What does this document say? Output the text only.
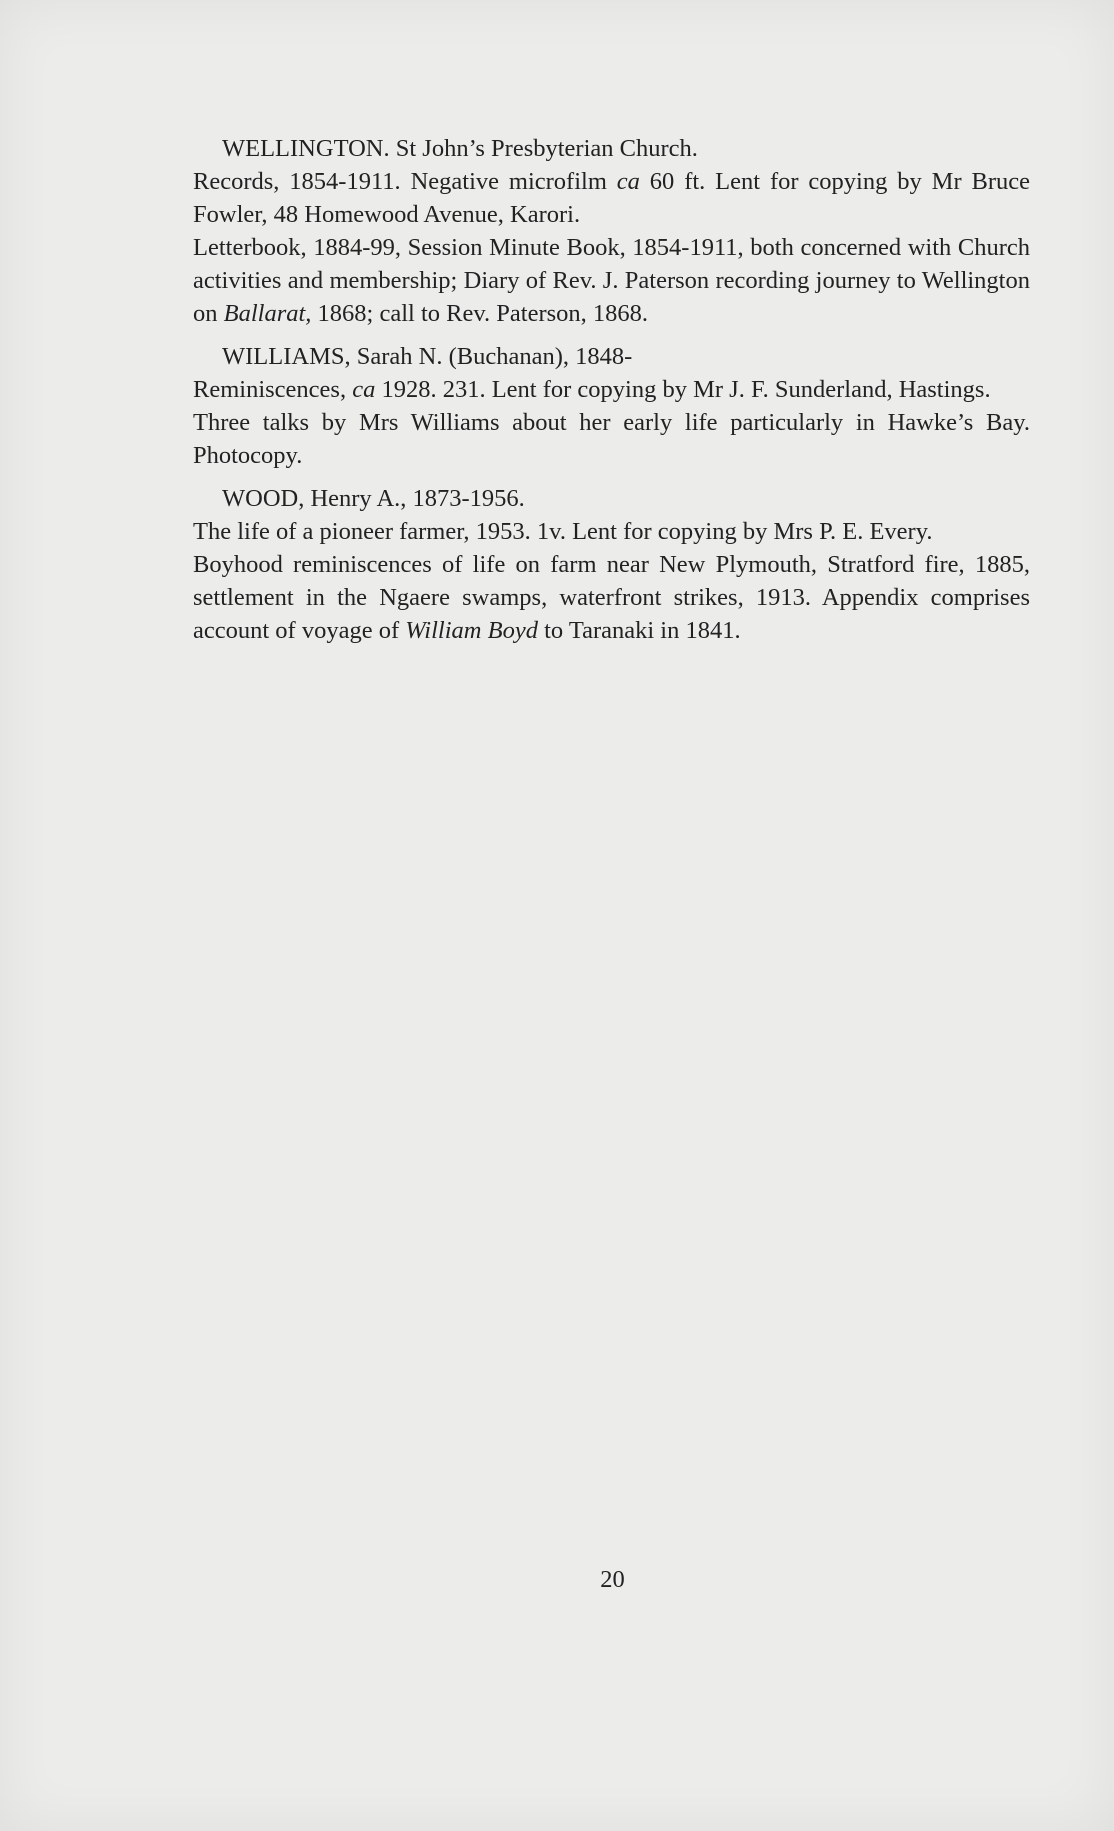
WELLINGTON. St John’s Presbyterian Church.

Records, 1854-1911. Negative microfilm ca 60 ft. Lent for copying by Mr Bruce Fowler, 48 Homewood Avenue, Karori.

Letterbook, 1884-99, Session Minute Book, 1854-1911, both concerned with Church activities and membership; Diary of Rev. J. Paterson recording journey to Wellington on Ballarat, 1868; call to Rev. Paterson, 1868.

WILLIAMS, Sarah N. (Buchanan), 1848-

Reminiscences, ca 1928. 231. Lent for copying by Mr J. F. Sunderland, Hastings.

Three talks by Mrs Williams about her early life particularly in Hawke’s Bay. Photocopy.

WOOD, Henry A., 1873-1956.

The life of a pioneer farmer, 1953. 1v. Lent for copying by Mrs P. E. Every.

Boyhood reminiscences of life on farm near New Plymouth, Stratford fire, 1885, settlement in the Ngaere swamps, waterfront strikes, 1913. Appendix comprises account of voyage of William Boyd to Taranaki in 1841.

20
